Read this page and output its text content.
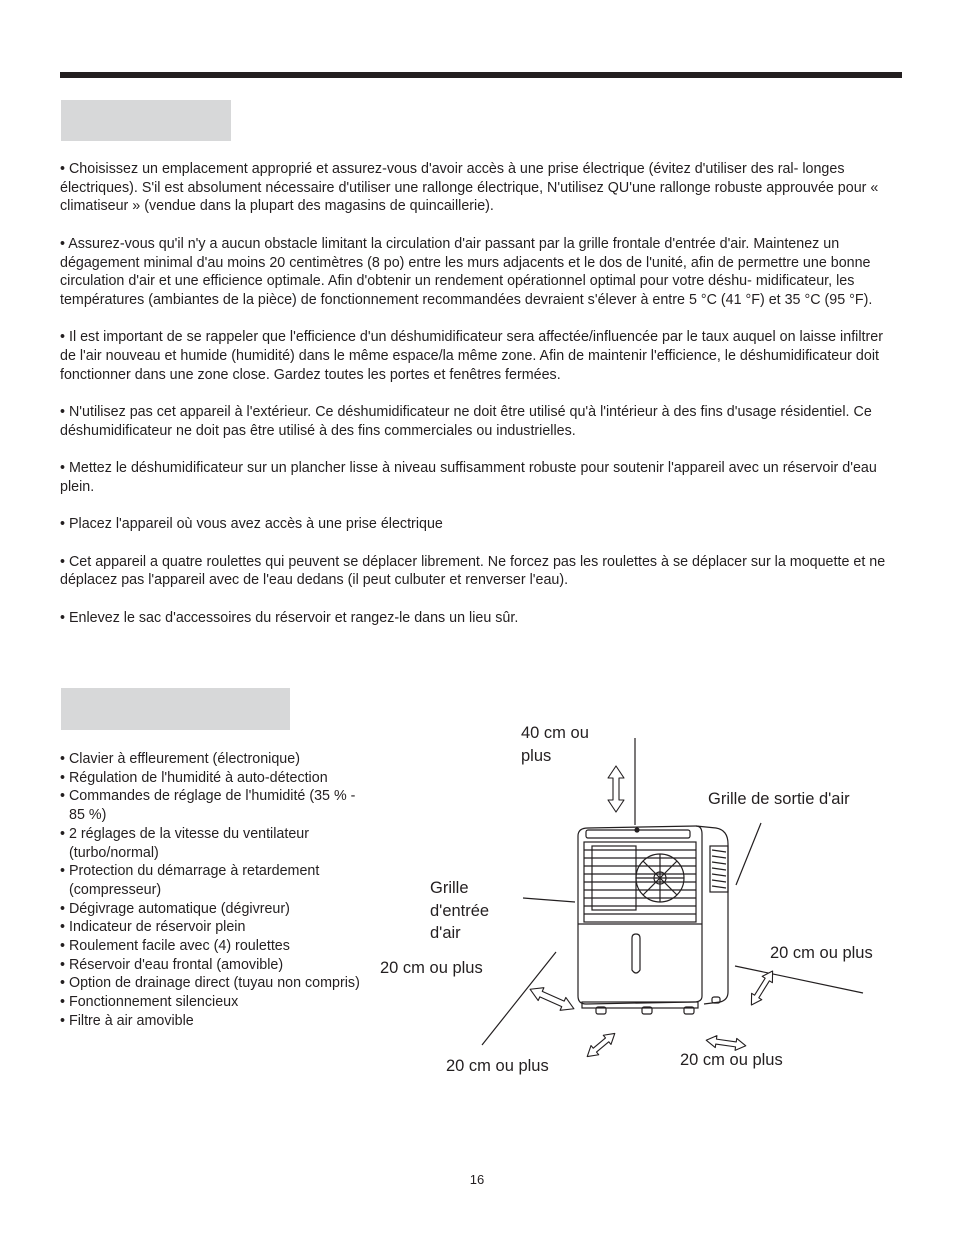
• Choisissez un emplacement approprié et assurez-vous d'avoir accès à une prise électrique (évitez d'utiliser des ral- longes électriques). S'il est absolument nécessaire d'utiliser une rallonge électrique, N'utilisez QU'une rallonge robuste approuvée pour « climatiseur » (vendue dans la plupart des magasins de quincaillerie).

• Assurez-vous qu'il n'y a aucun obstacle limitant la circulation d'air passant par la grille frontale d'entrée d'air. Maintenez un dégagement minimal d'au moins 20 centimètres (8 po) entre les murs adjacents et le dos de l'unité, afin de permettre une bonne circulation d'air et une efficience optimale. Afin d'obtenir un rendement opérationnel optimal pour votre déshu- midificateur, les températures (ambiantes de la pièce) de fonctionnement recommandées devraient s'élever à entre 5 °C (41 °F) et 35 °C (95 °F).

• Il est important de se rappeler que l'efficience d'un déshumidificateur sera affectée/influencée par le taux auquel on laisse infiltrer de l'air nouveau et humide (humidité) dans le même espace/la même zone. Afin de maintenir l'efficience, le déshumidificateur doit fonctionner dans une zone close. Gardez toutes les portes et fenêtres fermées.

• N'utilisez pas cet appareil à l'extérieur. Ce déshumidificateur ne doit être utilisé qu'à l'intérieur à des fins d'usage résidentiel. Ce déshumidificateur ne doit pas être utilisé à des fins commerciales ou industrielles.

• Mettez le déshumidificateur sur un plancher lisse à niveau suffisamment robuste pour soutenir l'appareil avec un réservoir d'eau plein.

• Placez l'appareil où vous avez accès à une prise électrique

• Cet appareil a quatre roulettes qui peuvent se déplacer librement. Ne forcez pas les roulettes à se déplacer sur la moquette et ne déplacez pas l'appareil avec de l'eau dedans (il peut culbuter et renverser l'eau).

• Enlevez le sac d'accessoires du réservoir et rangez-le dans un lieu sûr.

• Clavier à effleurement (électronique)
• Régulation de l'humidité à auto-détection
• Commandes de réglage de l'humidité (35 % - 85 %)
• 2 réglages de la vitesse du ventilateur (turbo/normal)
• Protection du démarrage à retardement (compresseur)
• Dégivrage automatique (dégivreur)
• Indicateur de réservoir plein
• Roulement facile avec (4) roulettes
• Réservoir d'eau frontal (amovible)
• Option de drainage direct (tuyau non compris)
• Fonctionnement silencieux
• Filtre à air amovible
40 cm ou plus
Grille de sortie d'air
Grille d'entrée d'air
20 cm ou plus
20 cm ou plus
20 cm ou plus	20 cm ou plus
16
